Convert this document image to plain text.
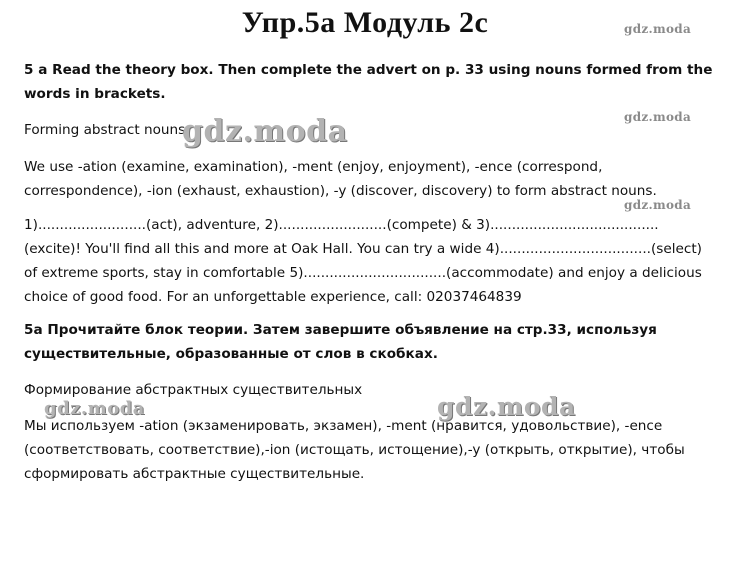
Упр.5а Модуль 2с
5 a Read the theory box. Then complete the advert on p. 33 using nouns formed from the words in brackets.
Forming abstract nouns
We use -ation (examine, examination), -ment (enjoy, enjoyment), -ence (correspond, correspondence), -ion (exhaust, exhaustion), -y (discover, discovery) to form abstract nouns.
1).........................(act), adventure, 2).........................(compete) & 3).......................................(excite)! You'll find all this and more at Oak Hall. You can try a wide 4)...................................(select) of extreme sports, stay in comfortable 5).................................(accommodate) and enjoy a delicious choice of good food. For an unforgettable experience, call: 02037464839
5а Прочитайте блок теории. Затем завершите объявление на стр.33, используя существительные, образованные от слов в скобках.
Формирование абстрактных существительных
Мы используем -ation (экзаменировать, экзамен), -ment (нравится, удовольствие), -ence (соответствовать, соответствие),-ion (истощать, истощение),-y (открыть, открытие), чтобы сформировать абстрактные существительные.
gdz.moda
gdz.moda
gdz.moda
gdz.moda
gdz.moda	gdz.moda
